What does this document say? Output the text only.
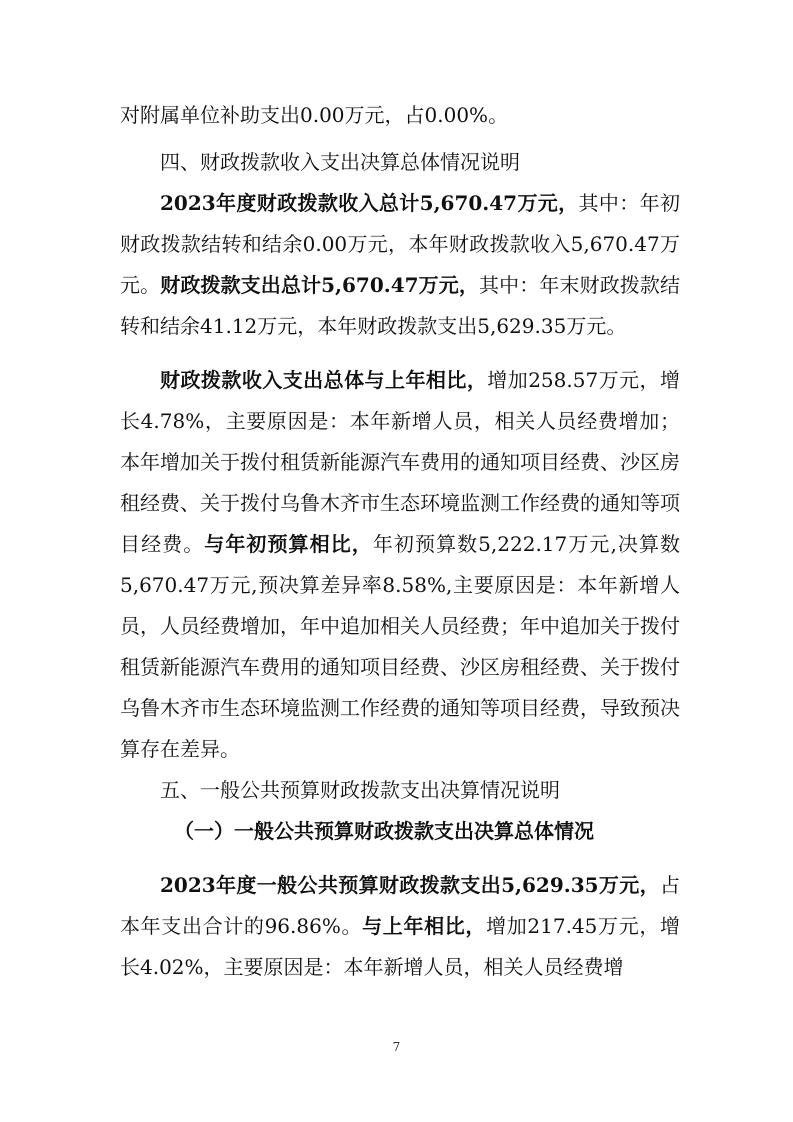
对附属单位补助支出0.00万元，占0.00%。

四、财政拨款收入支出决算总体情况说明

2023年度财政拨款收入总计5,670.47万元，其中：年初财政拨款结转和结余0.00万元，本年财政拨款收入5,670.47万元。财政拨款支出总计5,670.47万元，其中：年末财政拨款结转和结余41.12万元，本年财政拨款支出5,629.35万元。

财政拨款收入支出总体与上年相比，增加258.57万元，增长4.78%，主要原因是：本年新增人员，相关人员经费增加；本年增加关于拨付租赁新能源汽车费用的通知项目经费、沙区房租经费、关于拨付乌鲁木齐市生态环境监测工作经费的通知等项目经费。与年初预算相比，年初预算数5,222.17万元,决算数5,670.47万元,预决算差异率8.58%,主要原因是：本年新增人员，人员经费增加，年中追加相关人员经费；年中追加关于拨付租赁新能源汽车费用的通知项目经费、沙区房租经费、关于拨付乌鲁木齐市生态环境监测工作经费的通知等项目经费，导致预决算存在差异。

五、一般公共预算财政拨款支出决算情况说明
（一）一般公共预算财政拨款支出决算总体情况

2023年度一般公共预算财政拨款支出5,629.35万元，占本年支出合计的96.86%。与上年相比，增加217.45万元，增长4.02%，主要原因是：本年新增人员，相关人员经费增

7
